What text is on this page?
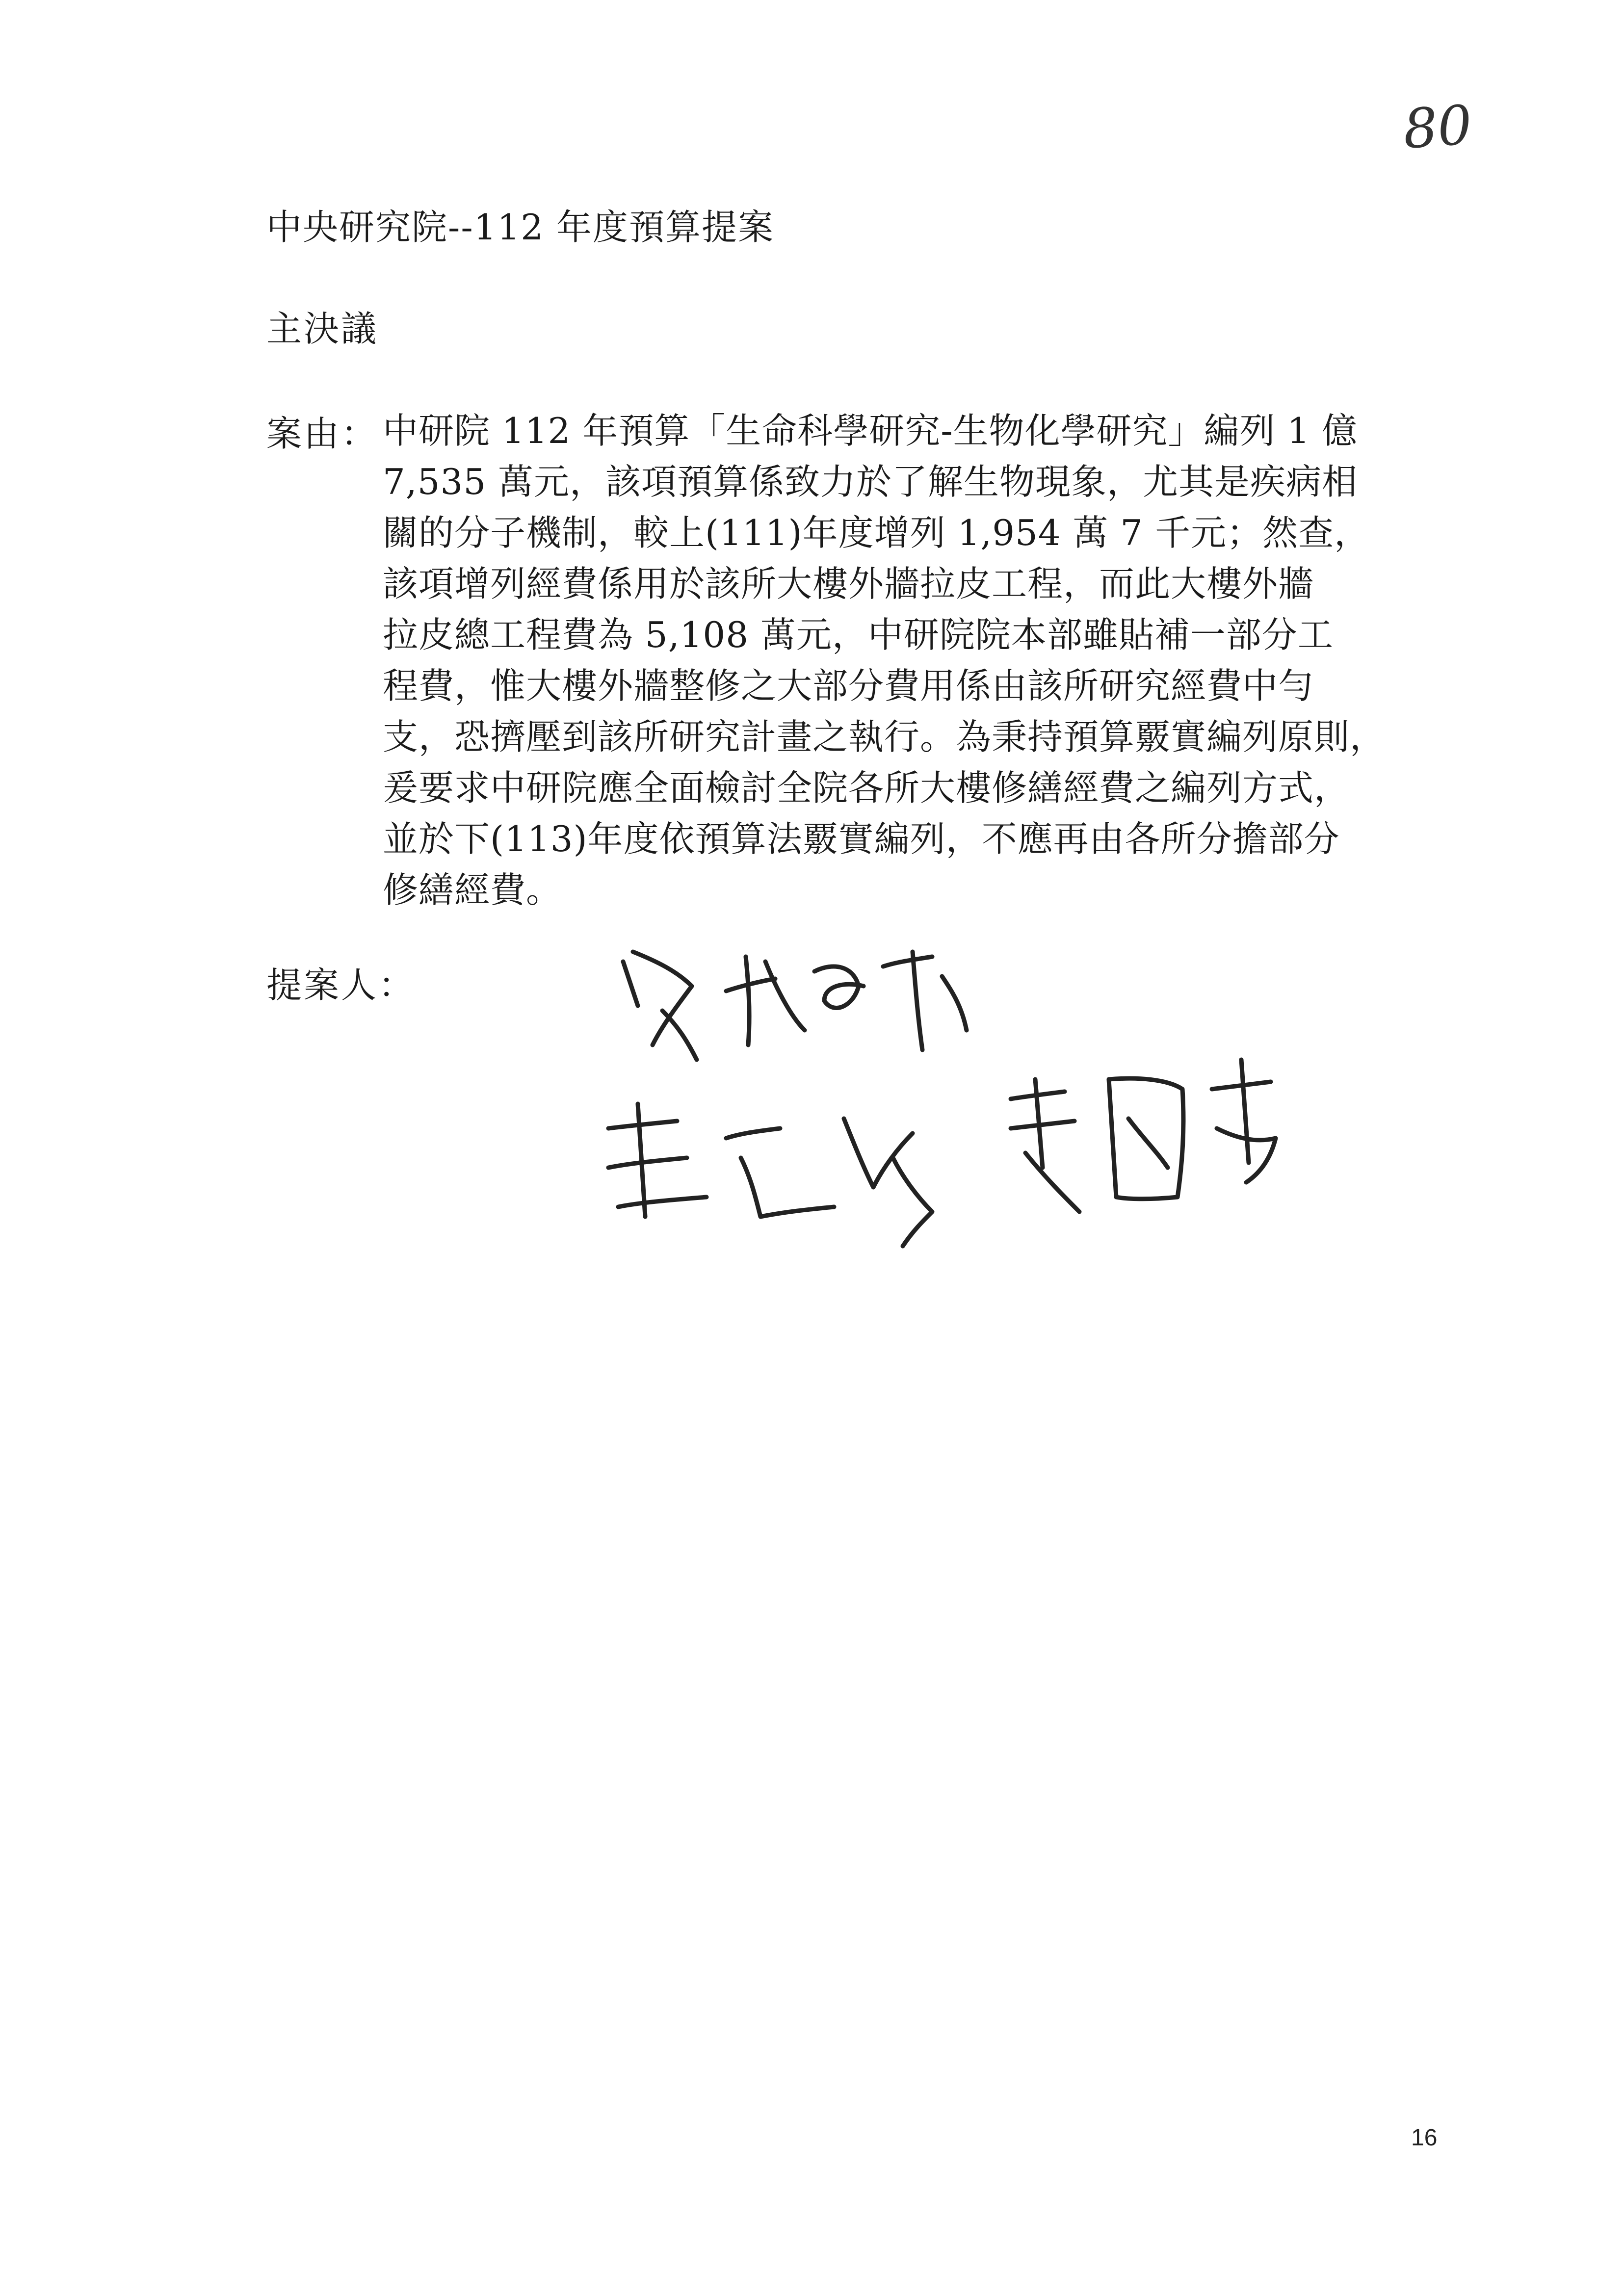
80
中央研究院--112 年度預算提案
主決議
案由： 中研院 112 年預算「生命科學研究-生物化學研究」編列 1 億
7,535 萬元，該項預算係致力於了解生物現象，尤其是疾病相
關的分子機制，較上(111)年度增列 1,954 萬 7 千元；然查，
該項增列經費係用於該所大樓外牆拉皮工程，而此大樓外牆
拉皮總工程費為 5,108 萬元，中研院院本部雖貼補一部分工
程費，惟大樓外牆整修之大部分費用係由該所研究經費中勻
支，恐擠壓到該所研究計畫之執行。為秉持預算覈實編列原則，
爰要求中研院應全面檢討全院各所大樓修繕經費之編列方式，
並於下(113)年度依預算法覈實編列，不應再由各所分擔部分
修繕經費。
提案人：
16
